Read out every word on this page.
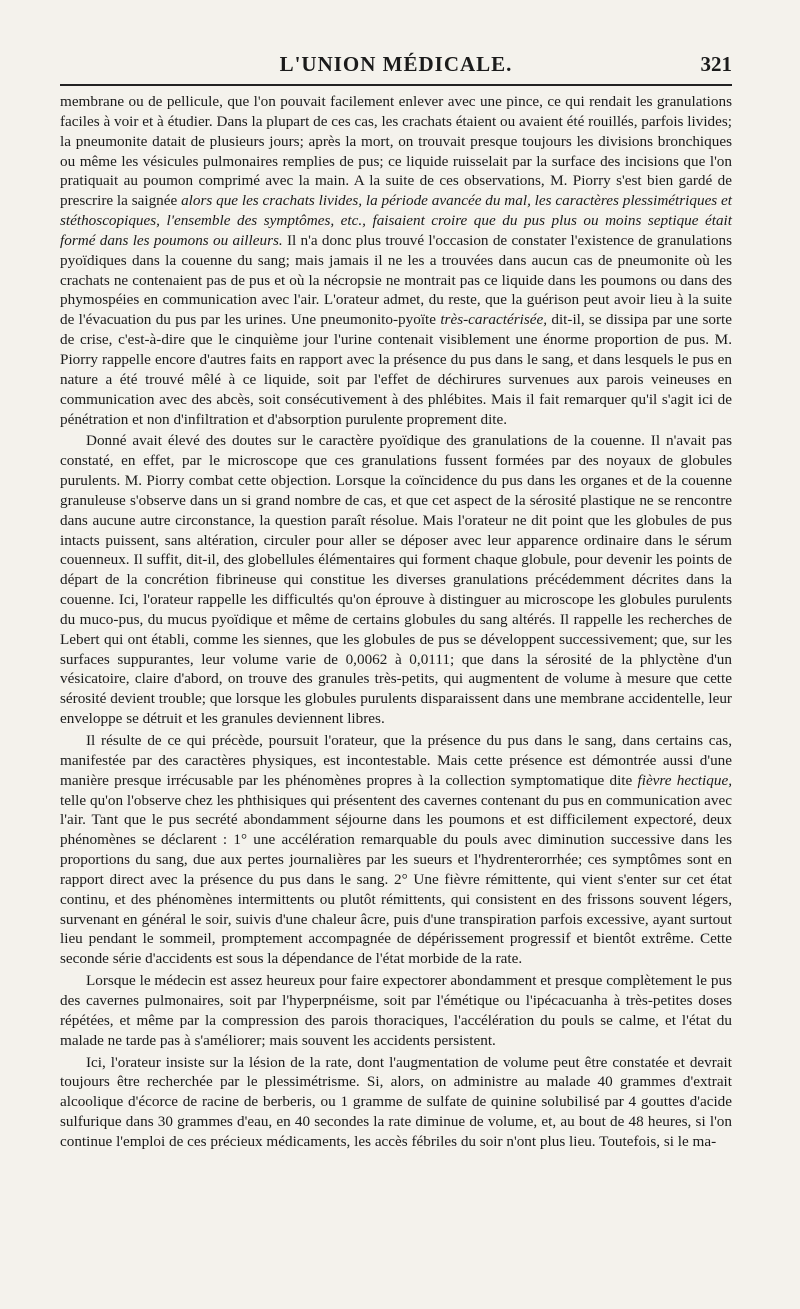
L'UNION MÉDICALE.	321

membrane ou de pellicule, que l'on pouvait facilement enlever avec une pince, ce qui rendait les granulations faciles à voir et à étudier. Dans la plupart de ces cas, les crachats étaient ou avaient été rouillés, parfois livides; la pneumonite datait de plusieurs jours; après la mort, on trouvait presque toujours les divisions bronchiques ou même les vésicules pulmonaires remplies de pus; ce liquide ruisselait par la surface des incisions que l'on pratiquait au poumon comprimé avec la main. A la suite de ces observations, M. Piorry s'est bien gardé de prescrire la saignée alors que les crachats livides, la période avancée du mal, les caractères plessimétriques et stéthoscopiques, l'ensemble des symptômes, etc., faisaient croire que du pus plus ou moins septique était formé dans les poumons ou ailleurs. Il n'a donc plus trouvé l'occasion de constater l'existence de granulations pyoïdiques dans la couenne du sang; mais jamais il ne les a trouvées dans aucun cas de pneumonite où les crachats ne contenaient pas de pus et où la nécropsie ne montrait pas ce liquide dans les poumons ou dans des phymospéies en communication avec l'air. L'orateur admet, du reste, que la guérison peut avoir lieu à la suite de l'évacuation du pus par les urines. Une pneumonito-pyoïte très-caractérisée, dit-il, se dissipa par une sorte de crise, c'est-à-dire que le cinquième jour l'urine contenait visiblement une énorme proportion de pus. M. Piorry rappelle encore d'autres faits en rapport avec la présence du pus dans le sang, et dans lesquels le pus en nature a été trouvé mêlé à ce liquide, soit par l'effet de déchirures survenues aux parois veineuses en communication avec des abcès, soit consécutivement à des phlébites. Mais il fait remarquer qu'il s'agit ici de pénétration et non d'infiltration et d'absorption purulente proprement dite.

Donné avait élevé des doutes sur le caractère pyoïdique des granulations de la couenne. Il n'avait pas constaté, en effet, par le microscope que ces granulations fussent formées par des noyaux de globules purulents. M. Piorry combat cette objection. Lorsque la coïncidence du pus dans les organes et de la couenne granuleuse s'observe dans un si grand nombre de cas, et que cet aspect de la sérosité plastique ne se rencontre dans aucune autre circonstance, la question paraît résolue. Mais l'orateur ne dit point que les globules de pus intacts puissent, sans altération, circuler pour aller se déposer avec leur apparence ordinaire dans le sérum couenneux. Il suffit, dit-il, des globellules élémentaires qui forment chaque globule, pour devenir les points de départ de la concrétion fibrineuse qui constitue les diverses granulations précédemment décrites dans la couenne. Ici, l'orateur rappelle les difficultés qu'on éprouve à distinguer au microscope les globules purulents du muco-pus, du mucus pyoïdique et même de certains globules du sang altérés. Il rappelle les recherches de Lebert qui ont établi, comme les siennes, que les globules de pus se développent successivement; que, sur les surfaces suppurantes, leur volume varie de 0,0062 à 0,0111; que dans la sérosité de la phlyctène d'un vésicatoire, claire d'abord, on trouve des granules très-petits, qui augmentent de volume à mesure que cette sérosité devient trouble; que lorsque les globules purulents disparaissent dans une membrane accidentelle, leur enveloppe se détruit et les granules deviennent libres.

Il résulte de ce qui précède, poursuit l'orateur, que la présence du pus dans le sang, dans certains cas, manifestée par des caractères physiques, est incontestable. Mais cette présence est démontrée aussi d'une manière presque irrécusable par les phénomènes propres à la collection symptomatique dite fièvre hectique, telle qu'on l'observe chez les phthisiques qui présentent des cavernes contenant du pus en communication avec l'air. Tant que le pus secrété abondamment séjourne dans les poumons et est difficilement expectoré, deux phénomènes se déclarent : 1° une accélération remarquable du pouls avec diminution successive dans les proportions du sang, due aux pertes journalières par les sueurs et l'hydrenterorrhée; ces symptômes sont en rapport direct avec la présence du pus dans le sang. 2° Une fièvre rémittente, qui vient s'enter sur cet état continu, et des phénomènes intermittents ou plutôt rémittents, qui consistent en des frissons souvent légers, survenant en général le soir, suivis d'une chaleur âcre, puis d'une transpiration parfois excessive, ayant surtout lieu pendant le sommeil, promptement accompagnée de dépérissement progressif et bientôt extrême. Cette seconde série d'accidents est sous la dépendance de l'état morbide de la rate.

Lorsque le médecin est assez heureux pour faire expectorer abondamment et presque complètement le pus des cavernes pulmonaires, soit par l'hyperpnéisme, soit par l'émétique ou l'ipécacuanha à très-petites doses répétées, et même par la compression des parois thoraciques, l'accélération du pouls se calme, et l'état du malade ne tarde pas à s'améliorer; mais souvent les accidents persistent.

Ici, l'orateur insiste sur la lésion de la rate, dont l'augmentation de volume peut être constatée et devrait toujours être recherchée par le plessimétrisme. Si, alors, on administre au malade 40 grammes d'extrait alcoolique d'écorce de racine de berberis, ou 1 gramme de sulfate de quinine solubilisé par 4 gouttes d'acide sulfurique dans 30 grammes d'eau, en 40 secondes la rate diminue de volume, et, au bout de 48 heures, si l'on continue l'emploi de ces précieux médicaments, les accès fébriles du soir n'ont plus lieu. Toutefois, si le ma-
